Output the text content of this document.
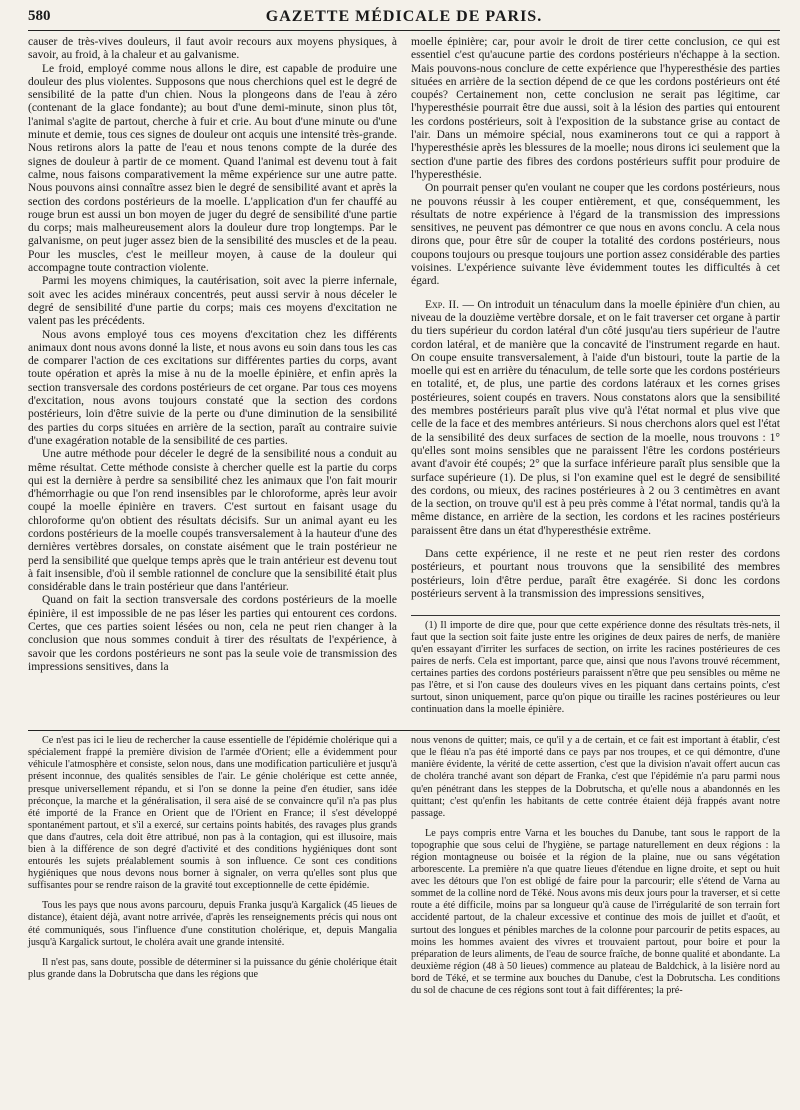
580	GAZETTE MÉDICALE DE PARIS.

causer de très-vives douleurs, il faut avoir recours aux moyens physiques, à savoir, au froid, à la chaleur et au galvanisme.

Le froid, employé comme nous allons le dire, est capable de produire une douleur des plus violentes. Supposons que nous cherchions quel est le degré de sensibilité de la patte d'un chien. Nous la plongeons dans de l'eau à zéro (contenant de la glace fondante); au bout d'une demi-minute, sinon plus tôt, l'animal s'agite de partout, cherche à fuir et crie. Au bout d'une minute ou d'une minute et demie, tous ces signes de douleur ont acquis une intensité très-grande. Nous retirons alors la patte de l'eau et nous tenons compte de la durée des signes de douleur à partir de ce moment. Quand l'animal est devenu tout à fait calme, nous faisons comparativement la même expérience sur une autre patte. Nous pouvons ainsi connaître assez bien le degré de sensibilité avant et après la section des cordons postérieurs de la moelle. L'application d'un fer chauffé au rouge brun est aussi un bon moyen de juger du degré de sensibilité d'une partie du corps; mais malheureusement alors la douleur dure trop longtemps. Par le galvanisme, on peut juger assez bien de la sensibilité des muscles et de la peau. Pour les muscles, c'est le meilleur moyen, à cause de la douleur qui accompagne toute contraction violente.

Parmi les moyens chimiques, la cautérisation, soit avec la pierre infernale, soit avec les acides minéraux concentrés, peut aussi servir à nous déceler le degré de sensibilité d'une partie du corps; mais ces moyens d'excitation ne valent pas les précédents.

Nous avons employé tous ces moyens d'excitation chez les différents animaux dont nous avons donné la liste, et nous avons eu soin dans tous les cas de comparer l'action de ces excitations sur différentes parties du corps, avant toute opération et après la mise à nu de la moelle épinière, et enfin après la section transversale des cordons postérieurs de cet organe. Par tous ces moyens d'excitation, nous avons toujours constaté que la section des cordons postérieurs, loin d'être suivie de la perte ou d'une diminution de la sensibilité des parties du corps situées en arrière de la section, paraît au contraire suivie d'une exagération notable de la sensibilité de ces parties.

Une autre méthode pour déceler le degré de la sensibilité nous a conduit au même résultat. Cette méthode consiste à chercher quelle est la partie du corps qui est la dernière à perdre sa sensibilité chez les animaux que l'on fait mourir d'hémorrhagie ou que l'on rend insensibles par le chloroforme, après leur avoir coupé la moelle épinière en travers. C'est surtout en faisant usage du chloroforme qu'on obtient des résultats décisifs. Sur un animal ayant eu les cordons postérieurs de la moelle coupés transversalement à la hauteur d'une des dernières vertèbres dorsales, on constate aisément que le train postérieur ne perd la sensibilité que quelque temps après que le train antérieur est devenu tout à fait insensible, d'où il semble rationnel de conclure que la sensibilité était plus considérable dans le train postérieur que dans l'antérieur.

Quand on fait la section transversale des cordons postérieurs de la moelle épinière, il est impossible de ne pas léser les parties qui entourent ces cordons. Certes, que ces parties soient lésées ou non, cela ne peut rien changer à la conclusion que nous sommes conduit à tirer des résultats de l'expérience, à savoir que les cordons postérieurs ne sont pas la seule voie de transmission des impressions sensitives, dans la

moelle épinière; car, pour avoir le droit de tirer cette conclusion, ce qui est essentiel c'est qu'aucune partie des cordons postérieurs n'échappe à la section. Mais pouvons-nous conclure de cette expérience que l'hyperesthésie des parties situées en arrière de la section dépend de ce que les cordons postérieurs ont été coupés? Certainement non, cette conclusion ne serait pas légitime, car l'hyperesthésie pourrait être due aussi, soit à la lésion des parties qui entourent les cordons postérieurs, soit à l'exposition de la substance grise au contact de l'air. Dans un mémoire spécial, nous examinerons tout ce qui a rapport à l'hyperesthésie après les blessures de la moelle; nous dirons ici seulement que la section d'une partie des fibres des cordons postérieurs suffit pour produire de l'hyperesthésie.

On pourrait penser qu'en voulant ne couper que les cordons postérieurs, nous ne pouvons réussir à les couper entièrement, et que, conséquemment, les résultats de notre expérience à l'égard de la transmission des impressions sensitives, ne peuvent pas démontrer ce que nous en avons conclu. A cela nous dirons que, pour être sûr de couper la totalité des cordons postérieurs, nous coupons toujours ou presque toujours une portion assez considérable des parties voisines. L'expérience suivante lève évidemment toutes les difficultés à cet égard.

Exp. II. — On introduit un ténaculum dans la moelle épinière d'un chien, au niveau de la douzième vertèbre dorsale, et on le fait traverser cet organe à partir du tiers supérieur du cordon latéral d'un côté jusqu'au tiers supérieur de l'autre cordon latéral, et de manière que la concavité de l'instrument regarde en haut. On coupe ensuite transversalement, à l'aide d'un bistouri, toute la partie de la moelle qui est en arrière du ténaculum, de telle sorte que les cordons postérieurs en totalité, et, de plus, une partie des cordons latéraux et les cornes grises postérieures, soient coupés en travers. Nous constatons alors que la sensibilité des membres postérieurs paraît plus vive qu'à l'état normal et plus vive que celle de la face et des membres antérieurs. Si nous cherchons alors quel est l'état de la sensibilité des deux surfaces de section de la moelle, nous trouvons : 1° qu'elles sont moins sensibles que ne paraissent l'être les cordons postérieurs avant d'avoir été coupés; 2° que la surface inférieure paraît plus sensible que la surface supérieure (1). De plus, si l'on examine quel est le degré de sensibilité des cordons, ou mieux, des racines postérieures à 2 ou 3 centimètres en avant de la section, on trouve qu'il est à peu près comme à l'état normal, tandis qu'à la même distance, en arrière de la section, les cordons et les racines postérieurs paraissent être dans un état d'hyperesthésie extrême.

Dans cette expérience, il ne reste et ne peut rien rester des cordons postérieurs, et pourtant nous trouvons que la sensibilité des membres postérieurs, loin d'être perdue, paraît être exagérée. Si donc les cordons postérieurs servent à la transmission des impressions sensitives,

(1) Il importe de dire que, pour que cette expérience donne des résultats très-nets, il faut que la section soit faite juste entre les origines de deux paires de nerfs, de manière qu'en essayant d'irriter les surfaces de section, on irrite les racines postérieures de ces paires de nerfs. Cela est important, parce que, ainsi que nous l'avons trouvé récemment, certaines parties des cordons postérieurs paraissent n'être que peu sensibles ou même ne pas l'être, et si l'on cause des douleurs vives en les piquant dans certains points, c'est surtout, sinon uniquement, parce qu'on pique ou tiraille les racines postérieures ou leur continuation dans la moelle épinière.

Ce n'est pas ici le lieu de rechercher la cause essentielle de l'épidémie cholérique qui a spécialement frappé la première division de l'armée d'Orient; elle a évidemment pour véhicule l'atmosphère et consiste, selon nous, dans une modification particulière et jusqu'à présent inconnue, des qualités sensibles de l'air. Le génie cholérique est cette année, presque universellement répandu, et si l'on se donne la peine d'en étudier, sans idée préconçue, la marche et la généralisation, il sera aisé de se convaincre qu'il n'a pas plus été importé de la France en Orient que de l'Orient en France; il s'est développé spontanément partout, et s'il a exercé, sur certains points habités, des ravages plus grands que dans d'autres, cela doit être attribué, non pas à la contagion, qui est illusoire, mais bien à la différence de son degré d'activité et des conditions hygiéniques dont sont entourés les sujets préalablement soumis à son influence. Ce sont ces conditions hygiéniques que nous devons nous borner à signaler, on verra qu'elles sont plus que suffisantes pour se rendre raison de la gravité tout exceptionnelle de cette épidémie.

Tous les pays que nous avons parcouru, depuis Franka jusqu'à Kargalick (45 lieues de distance), étaient déjà, avant notre arrivée, d'après les renseignements précis qui nous ont été communiqués, sous l'influence d'une constitution cholérique, et, depuis Mangalia jusqu'à Kargalick surtout, le choléra avait une grande intensité.

Il n'est pas, sans doute, possible de déterminer si la puissance du génie cholérique était plus grande dans la Dobrutscha que dans les régions que

nous venons de quitter; mais, ce qu'il y a de certain, et ce fait est important à établir, c'est que le fléau n'a pas été importé dans ce pays par nos troupes, et ce qui démontre, d'une manière évidente, la vérité de cette assertion, c'est que la division n'avait offert aucun cas de choléra tranché avant son départ de Franka, c'est que l'épidémie n'a paru parmi nous qu'en pénétrant dans les steppes de la Dobrutscha, et qu'elle nous a abandonnés en les quittant; c'est qu'enfin les habitants de cette contrée étaient déjà frappés avant notre passage.

Le pays compris entre Varna et les bouches du Danube, tant sous le rapport de la topographie que sous celui de l'hygiène, se partage naturellement en deux régions : la région montagneuse ou boisée et la région de la plaine, nue ou sans végétation arborescente. La première n'a que quatre lieues d'étendue en ligne droite, et sept ou huit avec les détours que l'on est obligé de faire pour la parcourir; elle s'étend de Varna au sommet de la colline nord de Téké. Nous avons mis deux jours pour la traverser, et si cette route a été difficile, moins par sa longueur qu'à cause de l'irrégularité de son terrain fort accidenté partout, de la chaleur excessive et continue des mois de juillet et d'août, et surtout des longues et pénibles marches de la colonne pour parcourir de petits espaces, au moins les hommes avaient des vivres et trouvaient partout, pour boire et pour la préparation de leurs aliments, de l'eau de source fraîche, de bonne qualité et abondante. La deuxième région (48 à 50 lieues) commence au plateau de Baldchick, à la lisière nord au bord de Téké, et se termine aux bouches du Danube, c'est la Dobrutscha. Les conditions du sol de chacune de ces régions sont tout à fait différentes; la pré-
